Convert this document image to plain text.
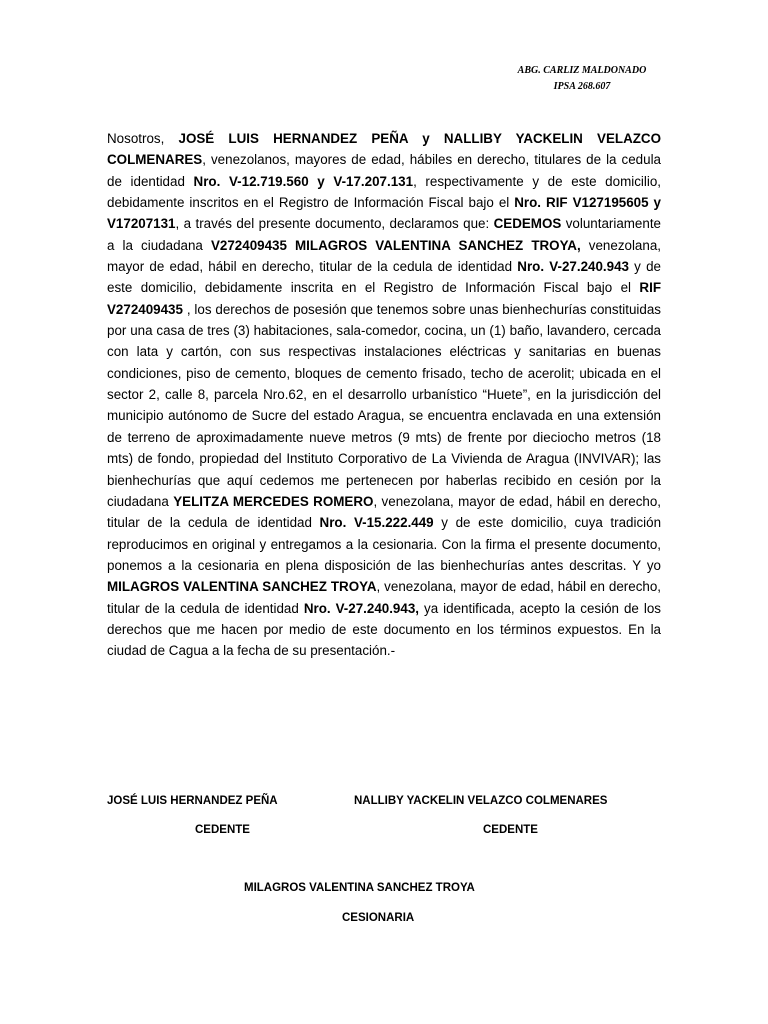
ABG. CARLIZ MALDONADO
IPSA 268.607

Nosotros, JOSÉ LUIS HERNANDEZ PEÑA y NALLIBY YACKELIN VELAZCO COLMENARES, venezolanos, mayores de edad, hábiles en derecho, titulares de la cedula de identidad Nro. V-12.719.560 y V-17.207.131, respectivamente y de este domicilio, debidamente inscritos en el Registro de Información Fiscal bajo el Nro. RIF V127195605 y V17207131, a través del presente documento, declaramos que: CEDEMOS voluntariamente a la ciudadana V272409435 MILAGROS VALENTINA SANCHEZ TROYA, venezolana, mayor de edad, hábil en derecho, titular de la cedula de identidad Nro. V-27.240.943 y de este domicilio, debidamente inscrita en el Registro de Información Fiscal bajo el RIF V272409435 , los derechos de posesión que tenemos sobre unas bienhechurías constituidas por una casa de tres (3) habitaciones, sala-comedor, cocina, un (1) baño, lavandero, cercada con lata y cartón, con sus respectivas instalaciones eléctricas y sanitarias en buenas condiciones, piso de cemento, bloques de cemento frisado, techo de acerolit; ubicada en el sector 2, calle 8, parcela Nro.62, en el desarrollo urbanístico “Huete”, en la jurisdicción del municipio autónomo de Sucre del estado Aragua, se encuentra enclavada en una extensión de terreno de aproximadamente nueve metros (9 mts) de frente por dieciocho metros (18 mts) de fondo, propiedad del Instituto Corporativo de La Vivienda de Aragua (INVIVAR); las bienhechurías que aquí cedemos me pertenecen por haberlas recibido en cesión por la ciudadana YELITZA MERCEDES ROMERO, venezolana, mayor de edad, hábil en derecho, titular de la cedula de identidad Nro. V-15.222.449 y de este domicilio, cuya tradición reproducimos en original y entregamos a la cesionaria. Con la firma el presente documento, ponemos a la cesionaria en plena disposición de las bienhechurías antes descritas. Y yo MILAGROS VALENTINA SANCHEZ TROYA, venezolana, mayor de edad, hábil en derecho, titular de la cedula de identidad Nro. V-27.240.943, ya identificada, acepto la cesión de los derechos que me hacen por medio de este documento en los términos expuestos. En la ciudad de Cagua a la fecha de su presentación.-

JOSÉ LUIS HERNANDEZ PEÑA	NALLIBY YACKELIN VELAZCO COLMENARES
CEDENTE	CEDENTE
MILAGROS VALENTINA SANCHEZ TROYA
CESIONARIA
